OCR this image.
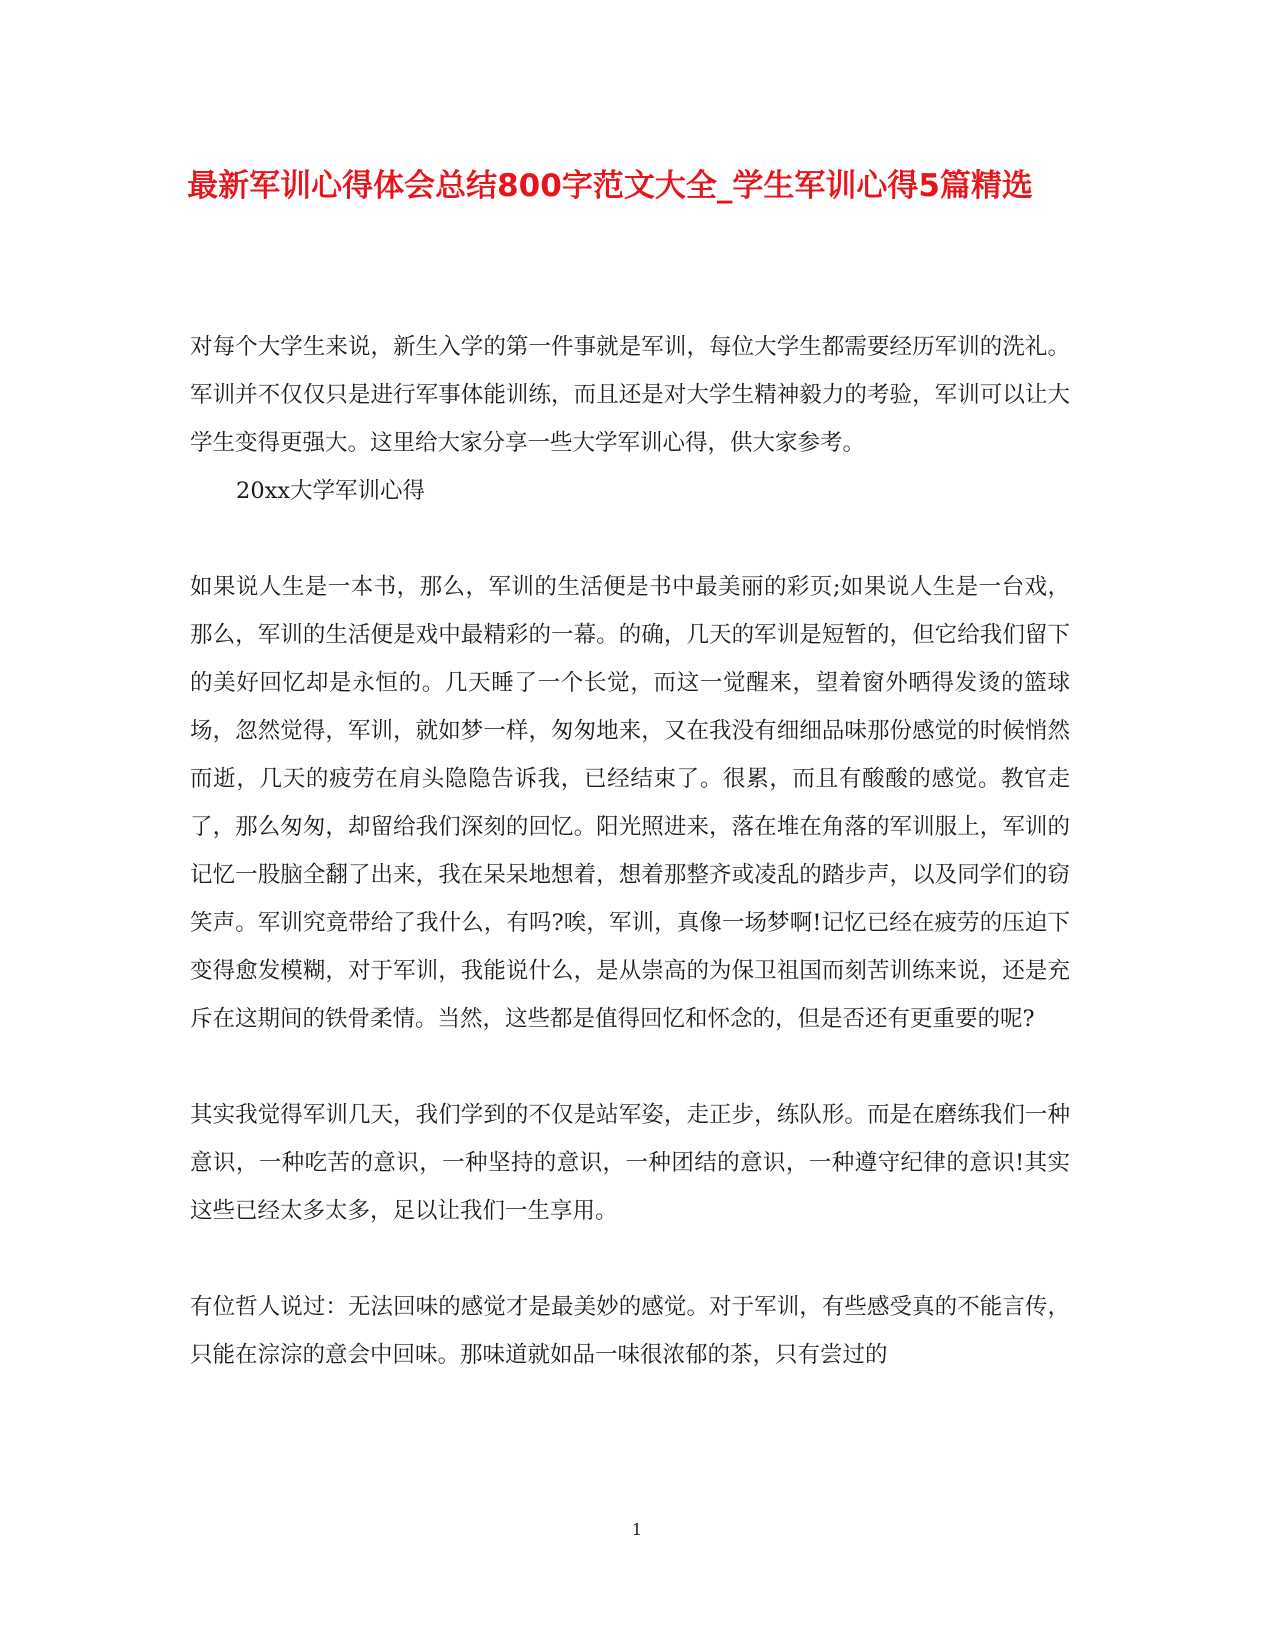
最新军训心得体会总结800字范文大全_学生军训心得5篇精选

对每个大学生来说，新生入学的第一件事就是军训，每位大学生都需要经历军训的洗礼。军训并不仅仅只是进行军事体能训练，而且还是对大学生精神毅力的考验，军训可以让大学生变得更强大。这里给大家分享一些大学军训心得，供大家参考。

20xx大学军训心得

如果说人生是一本书，那么，军训的生活便是书中最美丽的彩页;如果说人生是一台戏，那么，军训的生活便是戏中最精彩的一幕。的确，几天的军训是短暂的，但它给我们留下的美好回忆却是永恒的。几天睡了一个长觉，而这一觉醒来，望着窗外晒得发烫的篮球场，忽然觉得，军训，就如梦一样，匆匆地来，又在我没有细细品味那份感觉的时候悄然而逝，几天的疲劳在肩头隐隐告诉我，已经结束了。很累，而且有酸酸的感觉。教官走了，那么匆匆，却留给我们深刻的回忆。阳光照进来，落在堆在角落的军训服上，军训的记忆一股脑全翻了出来，我在呆呆地想着，想着那整齐或凌乱的踏步声，以及同学们的窃笑声。军训究竟带给了我什么，有吗?唉，军训，真像一场梦啊!记忆已经在疲劳的压迫下变得愈发模糊，对于军训，我能说什么，是从崇高的为保卫祖国而刻苦训练来说，还是充斥在这期间的铁骨柔情。当然，这些都是值得回忆和怀念的，但是否还有更重要的呢?

其实我觉得军训几天，我们学到的不仅是站军姿，走正步，练队形。而是在磨练我们一种意识，一种吃苦的意识，一种坚持的意识，一种团结的意识，一种遵守纪律的意识!其实这些已经太多太多，足以让我们一生享用。

有位哲人说过：无法回味的感觉才是最美妙的感觉。对于军训，有些感受真的不能言传，只能在淙淙的意会中回味。那味道就如品一味很浓郁的茶，只有尝过的

1
